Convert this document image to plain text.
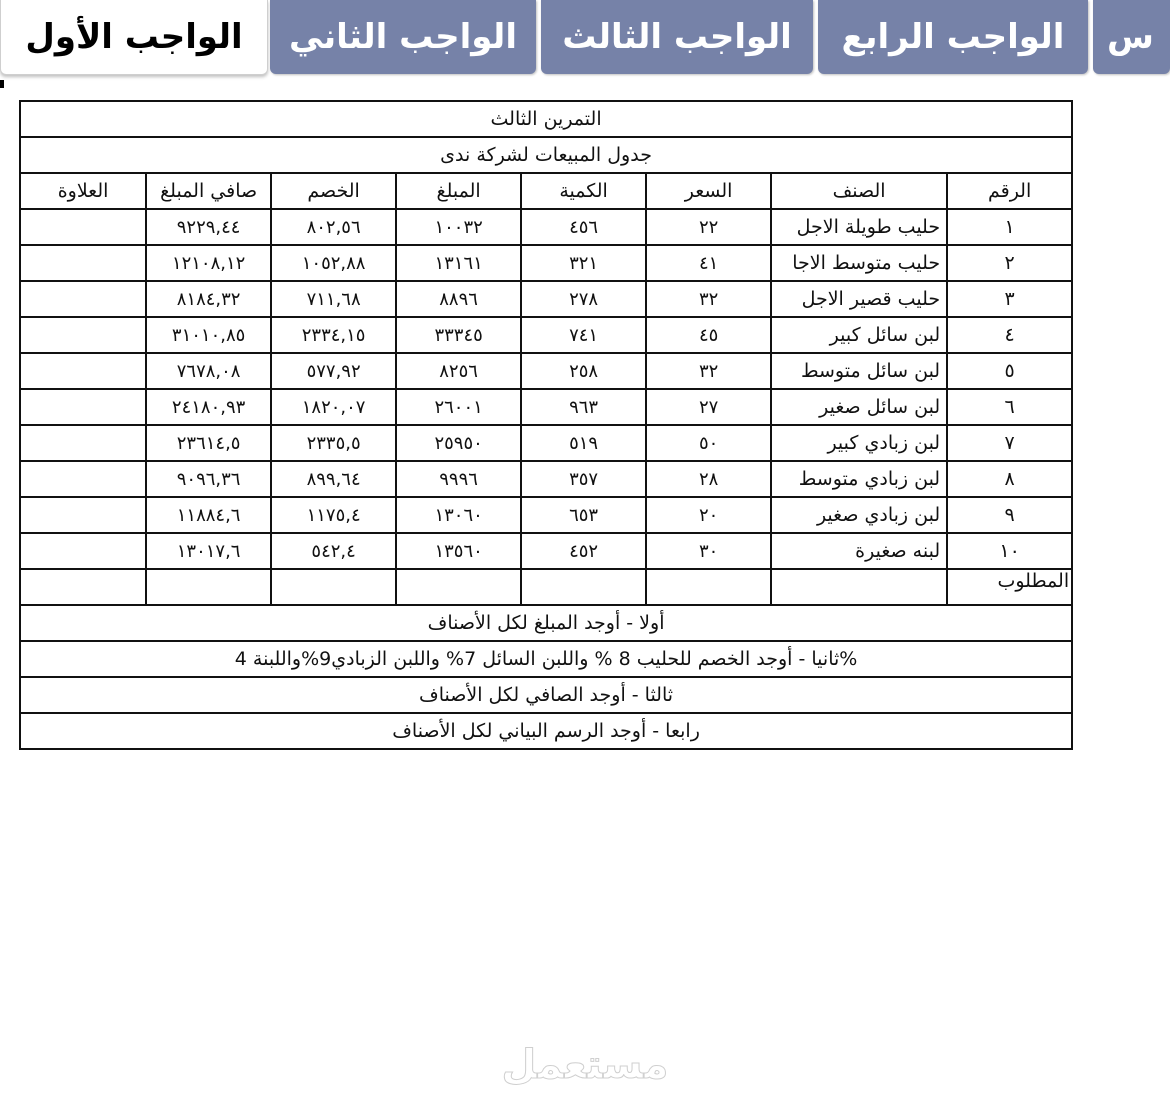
الواجب الأول الواجب الثاني الواجب الثالث الواجب الرابع س
التمرين الثالث							
جدول المبيعات لشركة ندى							
الرقم	الصنف	السعر	الكمية	المبلغ	الخصم	صافي المبلغ	العلاوة
١	حليب طويلة الاجل	٢٢	٤٥٦	١٠٠٣٢	٨٠٢,٥٦	٩٢٢٩,٤٤	
٢	حليب متوسط الاجا	٤١	٣٢١	١٣١٦١	١٠٥٢,٨٨	١٢١٠٨,١٢	
٣	حليب قصير الاجل	٣٢	٢٧٨	٨٨٩٦	٧١١,٦٨	٨١٨٤,٣٢	
٤	لبن سائل كبير	٤٥	٧٤١	٣٣٣٤٥	٢٣٣٤,١٥	٣١٠١٠,٨٥	
٥	لبن سائل متوسط	٣٢	٢٥٨	٨٢٥٦	٥٧٧,٩٢	٧٦٧٨,٠٨	
٦	لبن سائل صغير	٢٧	٩٦٣	٢٦٠٠١	١٨٢٠,٠٧	٢٤١٨٠,٩٣	
٧	لبن زبادي كبير	٥٠	٥١٩	٢٥٩٥٠	٢٣٣٥,٥	٢٣٦١٤,٥	
٨	لبن زبادي متوسط	٢٨	٣٥٧	٩٩٩٦	٨٩٩,٦٤	٩٠٩٦,٣٦	
٩	لبن زبادي صغير	٢٠	٦٥٣	١٣٠٦٠	١١٧٥,٤	١١٨٨٤,٦	
١٠	لبنه صغيرة	٣٠	٤٥٢	١٣٥٦٠	٥٤٢,٤	١٣٠١٧,٦	
المطلوب							
أولا - أوجد المبلغ لكل الأصناف							
%ثانيا - أوجد الخصم للحليب 8 % واللبن السائل 7% واللبن الزبادي9%واللبنة 4							
ثالثا - أوجد الصافي لكل الأصناف							
رابعا - أوجد الرسم البياني لكل الأصناف							
مستعمل
